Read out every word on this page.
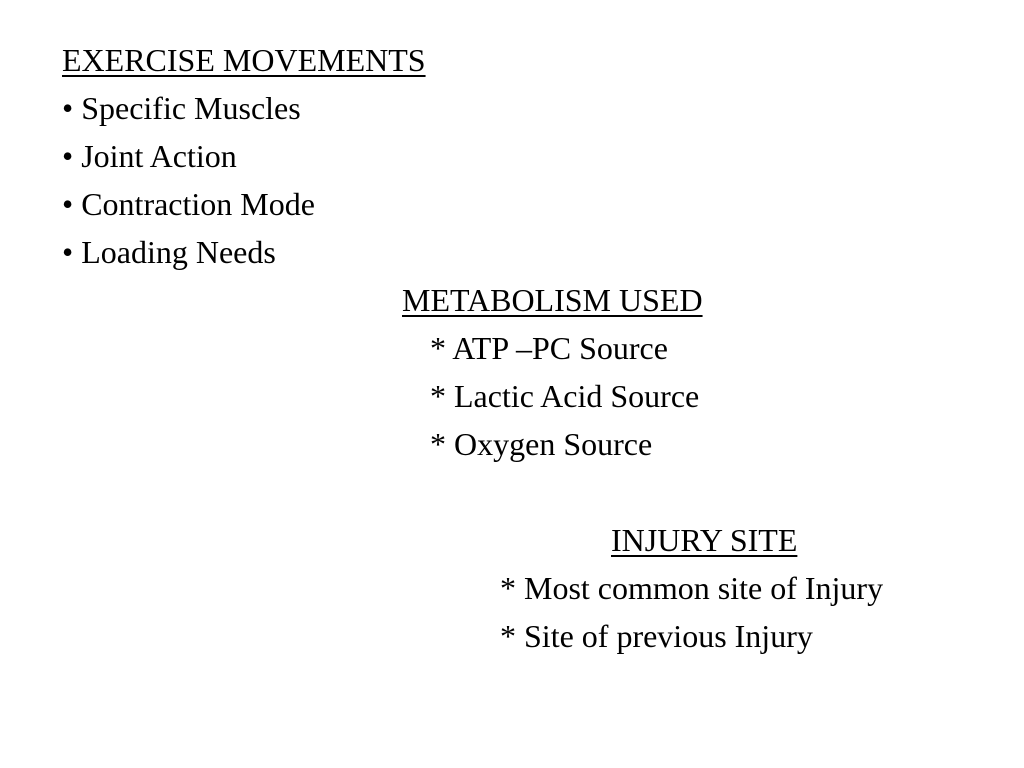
EXERCISE MOVEMENTS
• Specific Muscles
• Joint Action
• Contraction Mode
• Loading Needs
METABOLISM USED
* ATP –PC Source
* Lactic Acid Source
* Oxygen Source
INJURY SITE
* Most common site of Injury
* Site of previous Injury
